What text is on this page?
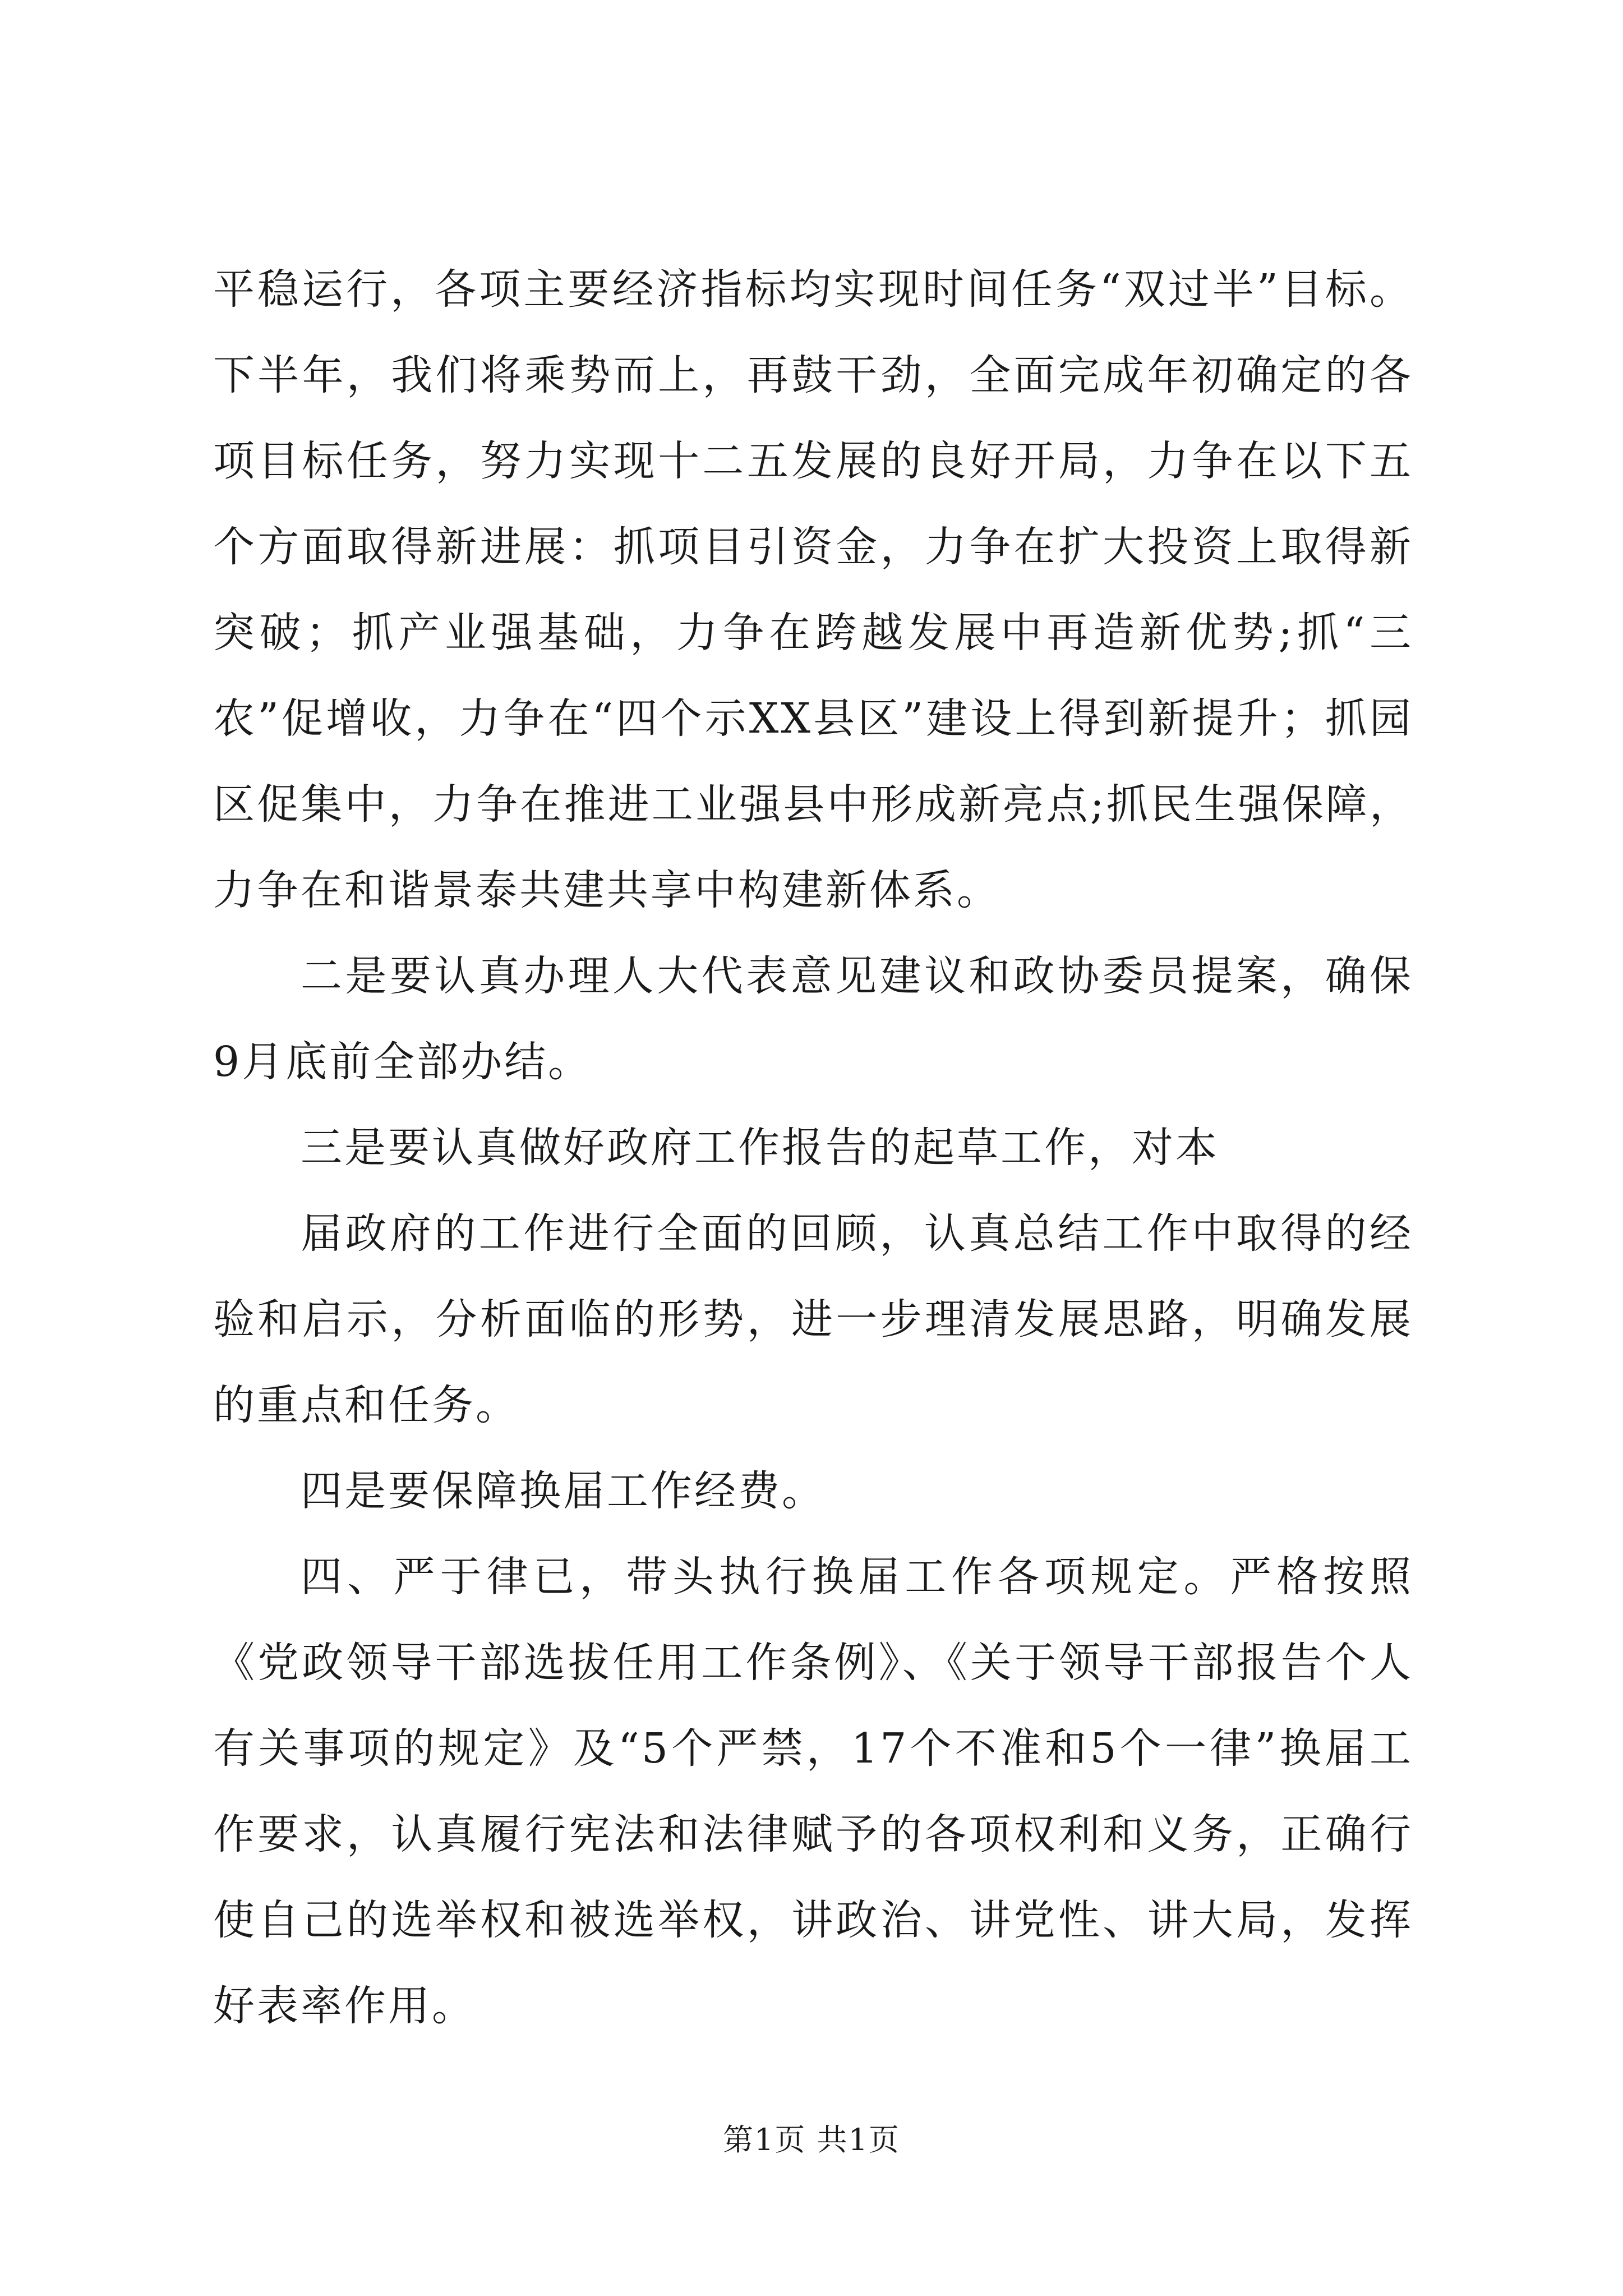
平稳运行，各项主要经济指标均实现时间任务“双过半”目标。下半年，我们将乘势而上，再鼓干劲，全面完成年初确定的各项目标任务，努力实现十二五发展的良好开局，力争在以下五个方面取得新进展：抓项目引资金，力争在扩大投资上取得新突破；抓产业强基础，力争在跨越发展中再造新优势;抓“三农”促增收，力争在“四个示XX县区”建设上得到新提升；抓园区促集中，力争在推进工业强县中形成新亮点;抓民生强保障，力争在和谐景泰共建共享中构建新体系。

二是要认真办理人大代表意见建议和政协委员提案，确保9月底前全部办结。

三是要认真做好政府工作报告的起草工作，对本

届政府的工作进行全面的回顾，认真总结工作中取得的经验和启示，分析面临的形势，进一步理清发展思路，明确发展的重点和任务。

四是要保障换届工作经费。

四、严于律已，带头执行换届工作各项规定。严格按照《党政领导干部选拔任用工作条例》、《关于领导干部报告个人有关事项的规定》及“5个严禁，17个不准和5个一律”换届工作要求，认真履行宪法和法律赋予的各项权利和义务，正确行使自己的选举权和被选举权，讲政治、讲党性、讲大局，发挥好表率作用。

第1页 共1页
